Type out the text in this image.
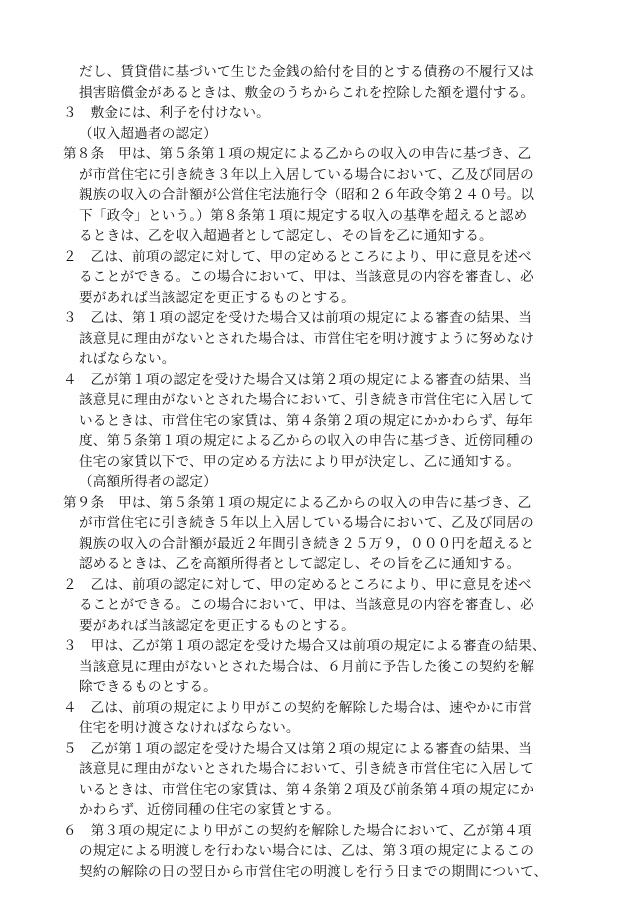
だし、賃貸借に基づいて生じた金銭の給付を目的とする債務の不履行又は
損害賠償金があるときは、敷金のうちからこれを控除した額を還付する。
３　敷金には、利子を付けない。
（収入超過者の認定）
第８条　甲は、第５条第１項の規定による乙からの収入の申告に基づき、乙
が市営住宅に引き続き３年以上入居している場合において、乙及び同居の
親族の収入の合計額が公営住宅法施行令（昭和２６年政令第２４０号。以
下「政令」という。）第８条第１項に規定する収入の基準を超えると認め
るときは、乙を収入超過者として認定し、その旨を乙に通知する。
２　乙は、前項の認定に対して、甲の定めるところにより、甲に意見を述べ
ることができる。この場合において、甲は、当該意見の内容を審査し、必
要があれば当該認定を更正するものとする。
３　乙は、第１項の認定を受けた場合又は前項の規定による審査の結果、当
該意見に理由がないとされた場合は、市営住宅を明け渡すように努めなけ
ればならない。
４　乙が第１項の認定を受けた場合又は第２項の規定による審査の結果、当
該意見に理由がないとされた場合において、引き続き市営住宅に入居して
いるときは、市営住宅の家賃は、第４条第２項の規定にかかわらず、毎年
度、第５条第１項の規定による乙からの収入の申告に基づき、近傍同種の
住宅の家賃以下で、甲の定める方法により甲が決定し、乙に通知する。
（高額所得者の認定）
第９条　甲は、第５条第１項の規定による乙からの収入の申告に基づき、乙
が市営住宅に引き続き５年以上入居している場合において、乙及び同居の
親族の収入の合計額が最近２年間引き続き２５万９，０００円を超えると
認めるときは、乙を高額所得者として認定し、その旨を乙に通知する。
２　乙は、前項の認定に対して、甲の定めるところにより、甲に意見を述べ
ることができる。この場合において、甲は、当該意見の内容を審査し、必
要があれば当該認定を更正するものとする。
３　甲は、乙が第１項の認定を受けた場合又は前項の規定による審査の結果、
当該意見に理由がないとされた場合は、６月前に予告した後この契約を解
除できるものとする。
４　乙は、前項の規定により甲がこの契約を解除した場合は、速やかに市営
住宅を明け渡さなければならない。
５　乙が第１項の認定を受けた場合又は第２項の規定による審査の結果、当
該意見に理由がないとされた場合において、引き続き市営住宅に入居して
いるときは、市営住宅の家賃は、第４条第２項及び前条第４項の規定にか
かわらず、近傍同種の住宅の家賃とする。
６　第３項の規定により甲がこの契約を解除した場合において、乙が第４項
の規定による明渡しを行わない場合には、乙は、第３項の規定によるこの
契約の解除の日の翌日から市営住宅の明渡しを行う日までの期間について、
